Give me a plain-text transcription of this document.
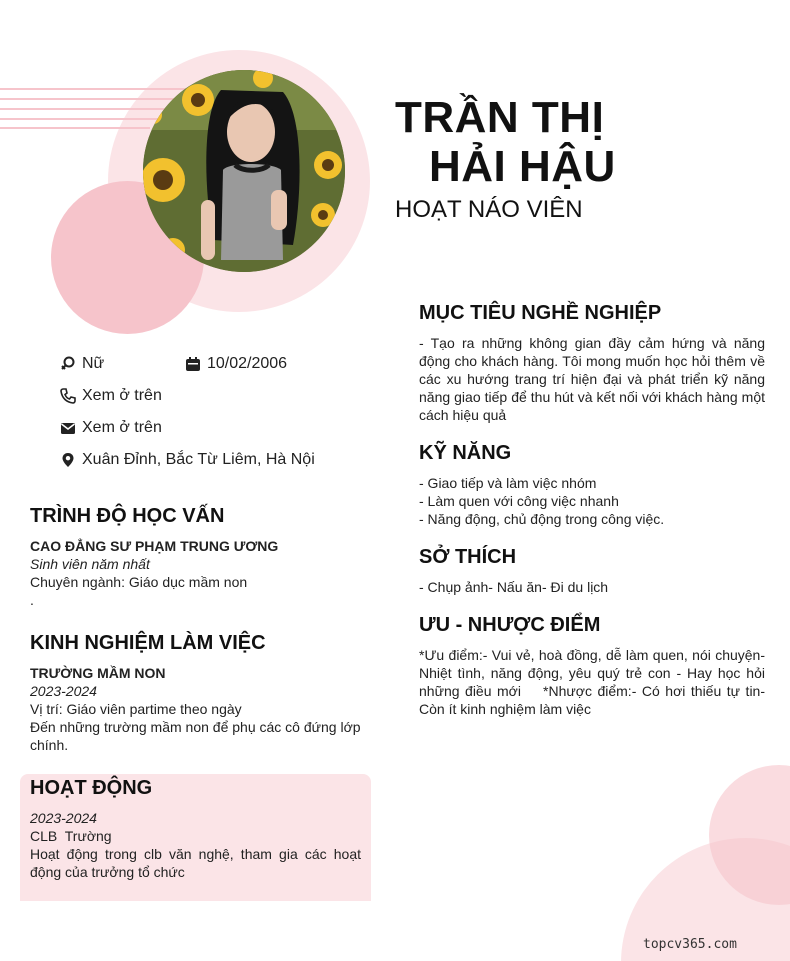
TRẦN THỊ
HẢI HẬU
HOẠT NÁO VIÊN
Nữ	10/02/2006
Xem ở trên
Xem ở trên
Xuân Đỉnh, Bắc Từ Liêm, Hà Nội
TRÌNH ĐỘ HỌC VẤN
CAO ĐẲNG SƯ PHẠM TRUNG ƯƠNG
Sinh viên năm nhất
Chuyên ngành: Giáo dục mầm non
.
KINH NGHIỆM LÀM VIỆC
TRƯỜNG MẦM NON
2023-2024
Vị trí: Giáo viên partime theo ngày
Đến những trường mầm non để phụ các cô đứng lớp chính.
HOẠT ĐỘNG
2023-2024
CLB  Trường
Hoạt động trong clb văn nghệ, tham gia các hoạt động của trưởng tổ chức
MỤC TIÊU NGHỀ NGHIỆP
- Tạo ra những không gian đầy cảm hứng và năng động cho khách hàng. Tôi mong muốn học hỏi thêm về các xu hướng trang trí hiện đại và phát triển kỹ năng năng giao tiếp để thu hút và kết nối với khách hàng một cách hiệu quả
KỸ NĂNG
- Giao tiếp và làm việc nhóm
- Làm quen với công việc nhanh
- Năng động, chủ động trong công việc.
SỞ THÍCH
- Chụp ảnh- Nấu ăn- Đi du lịch
ƯU - NHƯỢC ĐIỂM
*Ưu điểm:- Vui vẻ, hoà đồng, dễ làm quen, nói chuyện- Nhiệt tình, năng động, yêu quý trẻ con - Hay học hỏi những điều mới    *Nhược điểm:- Có hơi thiếu tự tin- Còn ít kinh nghiệm làm việc
topcv365.com
